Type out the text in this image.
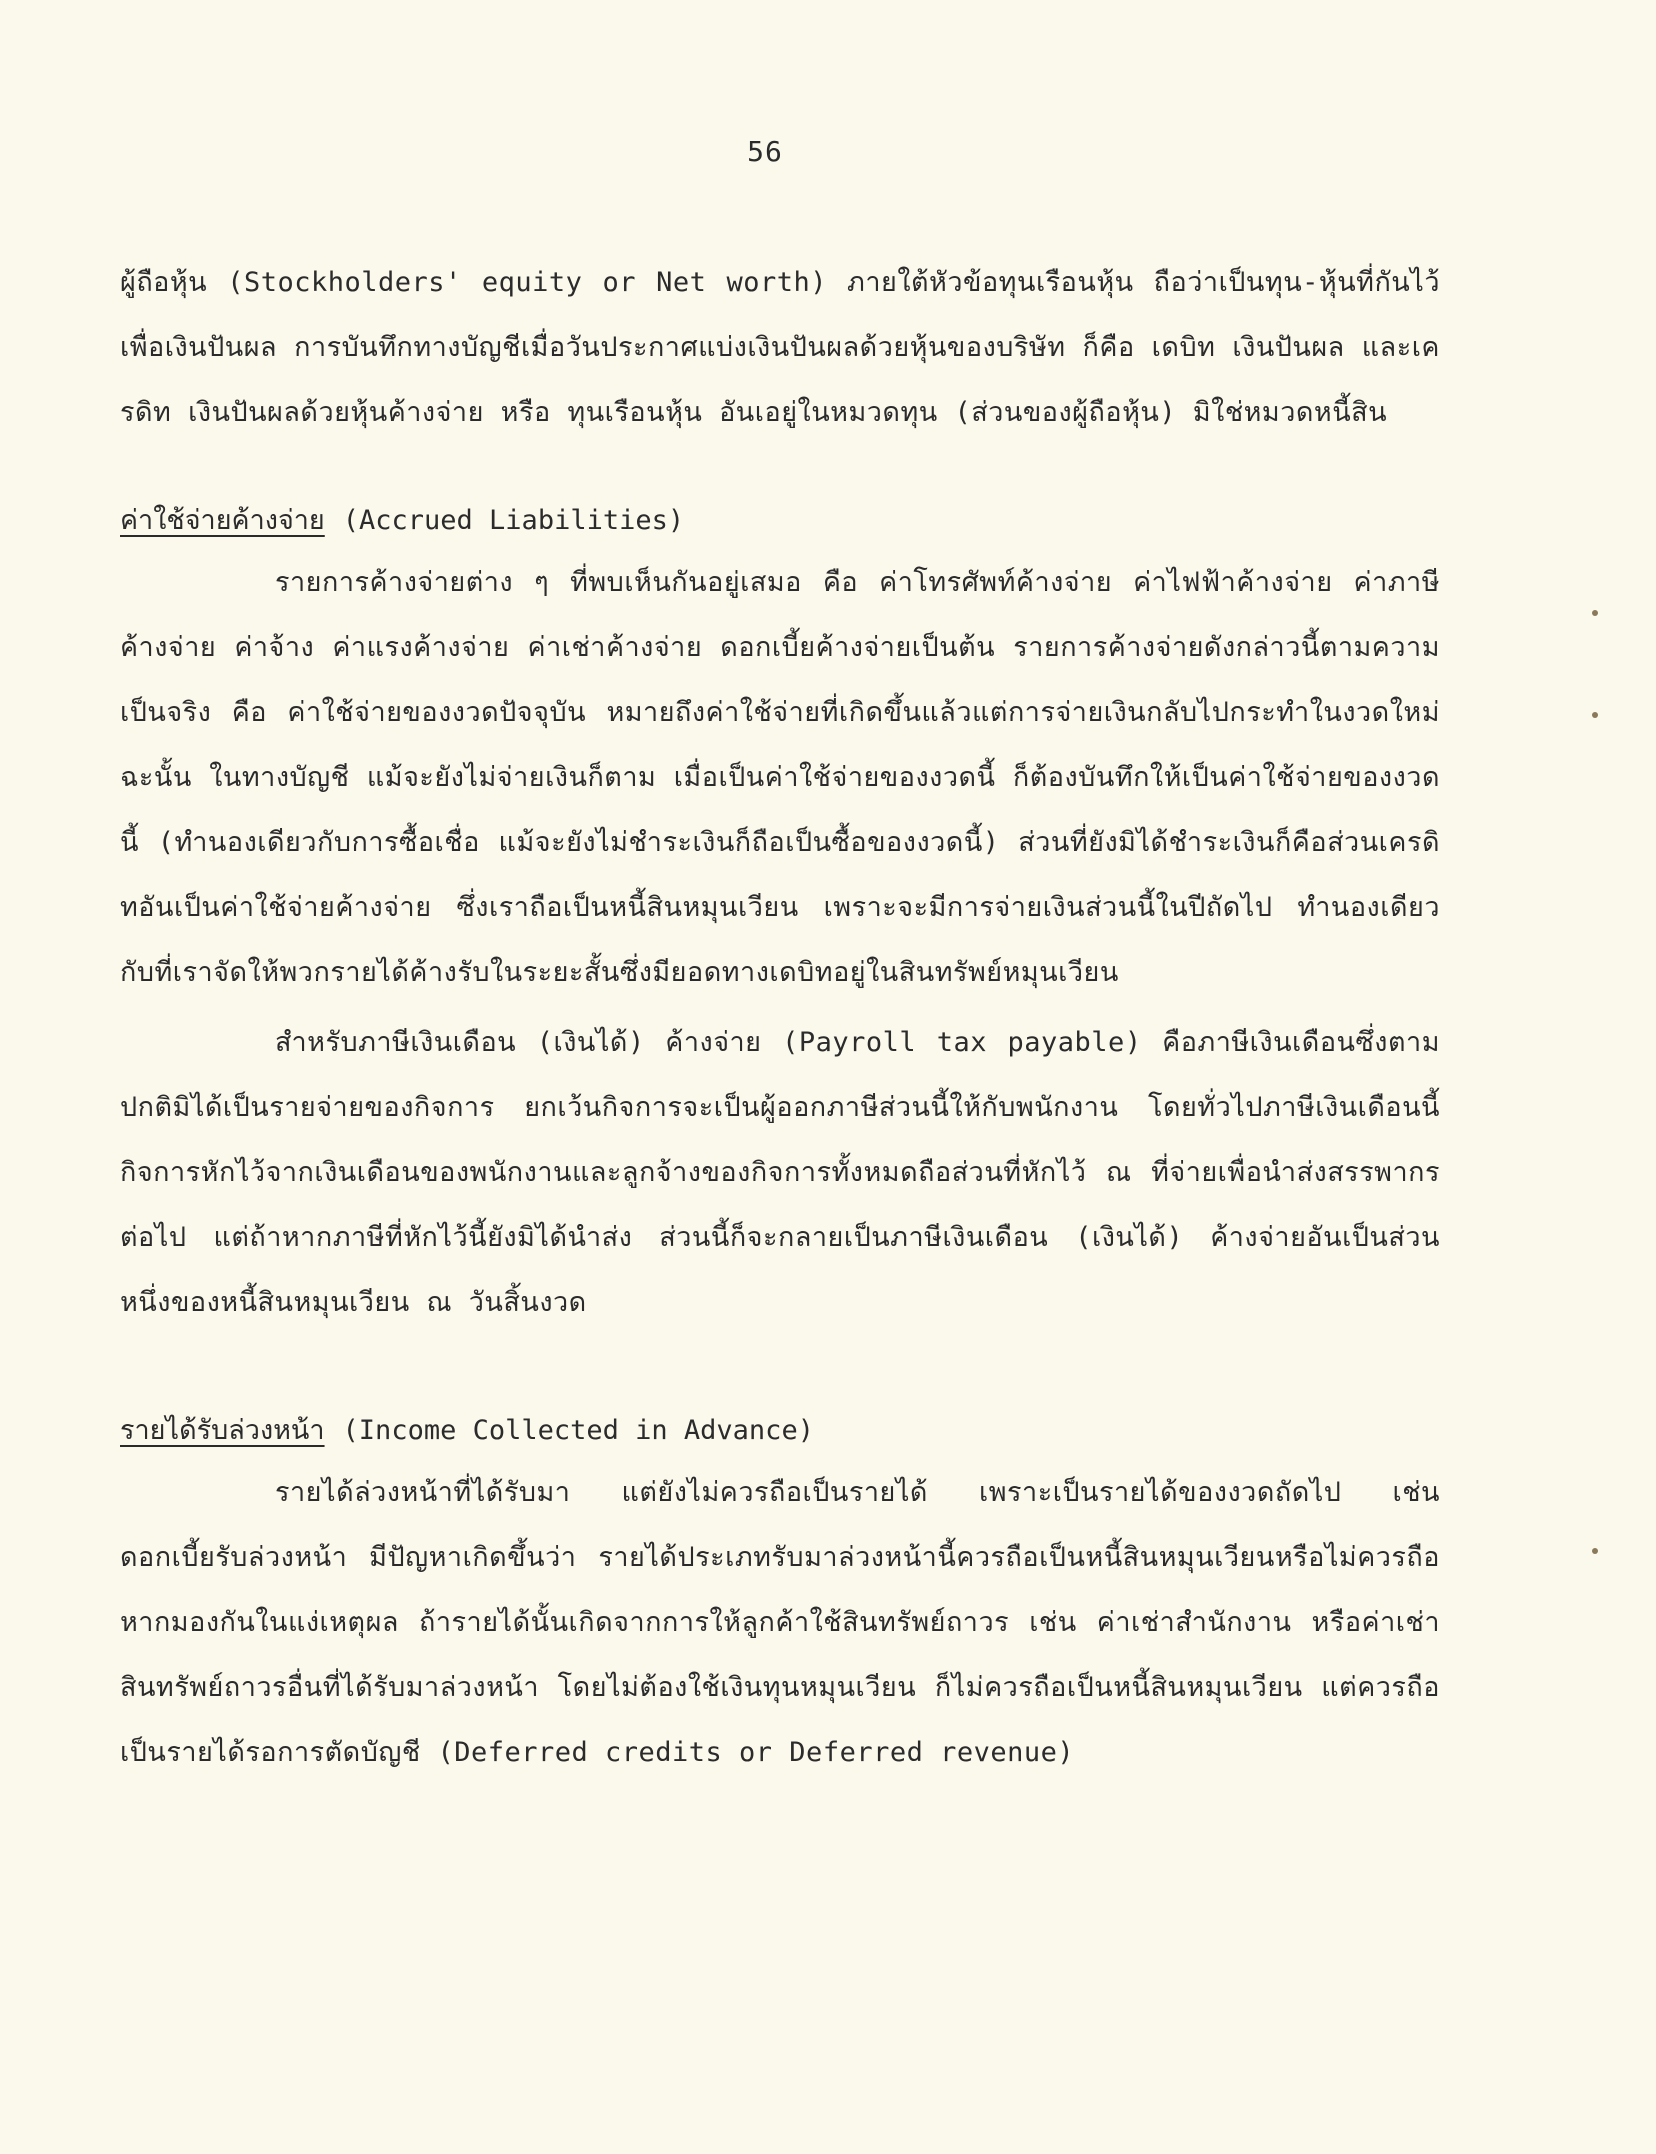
56

ผู้ถือหุ้น (Stockholders' equity or Net worth) ภายใต้หัวข้อทุนเรือนหุ้น ถือว่าเป็นทุน-หุ้นที่กันไว้เพื่อเงินปันผล การบันทึกทางบัญชีเมื่อวันประกาศแบ่งเงินปันผลด้วยหุ้นของบริษัท ก็คือ เดบิท เงินปันผล และเครดิท เงินปันผลด้วยหุ้นค้างจ่าย หรือ ทุนเรือนหุ้น อันเอยู่ในหมวดทุน (ส่วนของผู้ถือหุ้น) มิใช่หมวดหนี้สิน

ค่าใช้จ่ายค้างจ่าย (Accrued Liabilities)

รายการค้างจ่ายต่าง ๆ ที่พบเห็นกันอยู่เสมอ คือ ค่าโทรศัพท์ค้างจ่าย ค่าไฟฟ้าค้างจ่าย ค่าภาษีค้างจ่าย ค่าจ้าง ค่าแรงค้างจ่าย ค่าเช่าค้างจ่าย ดอกเบี้ยค้างจ่ายเป็นต้น รายการค้างจ่ายดังกล่าวนี้ตามความเป็นจริง คือ ค่าใช้จ่ายของงวดปัจจุบัน หมายถึงค่าใช้จ่ายที่เกิดขึ้นแล้วแต่การจ่ายเงินกลับไปกระทำในงวดใหม่ ฉะนั้น ในทางบัญชี แม้จะยังไม่จ่ายเงินก็ตาม เมื่อเป็นค่าใช้จ่ายของงวดนี้ ก็ต้องบันทึกให้เป็นค่าใช้จ่ายของงวดนี้ (ทำนองเดียวกับการซื้อเชื่อ แม้จะยังไม่ชำระเงินก็ถือเป็นซื้อของงวดนี้) ส่วนที่ยังมิได้ชำระเงินก็คือส่วนเครดิทอันเป็นค่าใช้จ่ายค้างจ่าย ซึ่งเราถือเป็นหนี้สินหมุนเวียน เพราะจะมีการจ่ายเงินส่วนนี้ในปีถัดไป ทำนองเดียวกับที่เราจัดให้พวกรายได้ค้างรับในระยะสั้นซึ่งมียอดทางเดบิทอยู่ในสินทรัพย์หมุนเวียน

สำหรับภาษีเงินเดือน (เงินได้) ค้างจ่าย (Payroll tax payable) คือภาษีเงินเดือนซึ่งตามปกติมิได้เป็นรายจ่ายของกิจการ ยกเว้นกิจการจะเป็นผู้ออกภาษีส่วนนี้ให้กับพนักงาน โดยทั่วไปภาษีเงินเดือนนี้กิจการหักไว้จากเงินเดือนของพนักงานและลูกจ้างของกิจการทั้งหมดถือส่วนที่หักไว้ ณ ที่จ่ายเพื่อนำส่งสรรพากรต่อไป แต่ถ้าหากภาษีที่หักไว้นี้ยังมิได้นำส่ง ส่วนนี้ก็จะกลายเป็นภาษีเงินเดือน (เงินได้) ค้างจ่ายอันเป็นส่วนหนึ่งของหนี้สินหมุนเวียน ณ วันสิ้นงวด

รายได้รับล่วงหน้า (Income Collected in Advance)

รายได้ล่วงหน้าที่ได้รับมา แต่ยังไม่ควรถือเป็นรายได้ เพราะเป็นรายได้ของงวดถัดไป เช่น ดอกเบี้ยรับล่วงหน้า มีปัญหาเกิดขึ้นว่า รายได้ประเภทรับมาล่วงหน้านี้ควรถือเป็นหนี้สินหมุนเวียนหรือไม่ควรถือ หากมองกันในแง่เหตุผล ถ้ารายได้นั้นเกิดจากการให้ลูกค้าใช้สินทรัพย์ถาวร เช่น ค่าเช่าสำนักงาน หรือค่าเช่าสินทรัพย์ถาวรอื่นที่ได้รับมาล่วงหน้า โดยไม่ต้องใช้เงินทุนหมุนเวียน ก็ไม่ควรถือเป็นหนี้สินหมุนเวียน แต่ควรถือเป็นรายได้รอการตัดบัญชี (Deferred credits or Deferred revenue)
